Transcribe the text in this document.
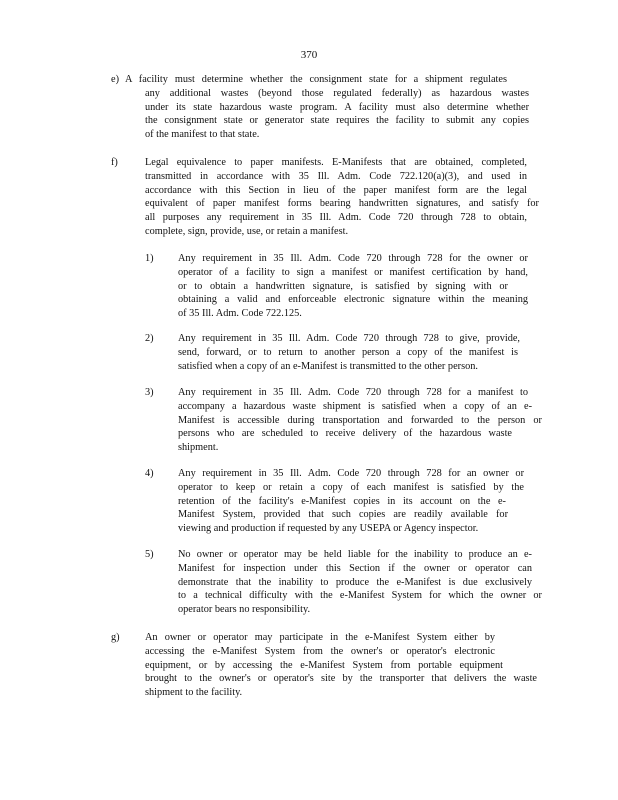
370
e) A facility must determine whether the consignment state for a shipment regulates
any additional wastes (beyond those regulated federally) as hazardous wastes
under its state hazardous waste program. A facility must also determine whether
the consignment state or generator state requires the facility to submit any copies
of the manifest to that state.
f)	Legal equivalence to paper manifests. E-Manifests that are obtained, completed,
transmitted in accordance with 35 Ill. Adm. Code 722.120(a)(3), and used in
accordance with this Section in lieu of the paper manifest form are the legal
equivalent of paper manifest forms bearing handwritten signatures, and satisfy for
all purposes any requirement in 35 Ill. Adm. Code 720 through 728 to obtain,
complete, sign, provide, use, or retain a manifest.
1) Any requirement in 35 Ill. Adm. Code 720 through 728 for the owner or
operator of a facility to sign a manifest or manifest certification by hand,
or to obtain a handwritten signature, is satisfied by signing with or
obtaining a valid and enforceable electronic signature within the meaning
of 35 Ill. Adm. Code 722.125.
2) Any requirement in 35 Ill. Adm. Code 720 through 728 to give, provide,
send, forward, or to return to another person a copy of the manifest is
satisfied when a copy of an e-Manifest is transmitted to the other person.
3) Any requirement in 35 Ill. Adm. Code 720 through 728 for a manifest to
accompany a hazardous waste shipment is satisfied when a copy of an e-
Manifest is accessible during transportation and forwarded to the person or
persons who are scheduled to receive delivery of the hazardous waste
shipment.
4) Any requirement in 35 Ill. Adm. Code 720 through 728 for an owner or
operator to keep or retain a copy of each manifest is satisfied by the
retention of the facility's e-Manifest copies in its account on the e-
Manifest System, provided that such copies are readily available for
viewing and production if requested by any USEPA or Agency inspector.
5) No owner or operator may be held liable for the inability to produce an e-
Manifest for inspection under this Section if the owner or operator can
demonstrate that the inability to produce the e-Manifest is due exclusively
to a technical difficulty with the e-Manifest System for which the owner or
operator bears no responsibility.
g) An owner or operator may participate in the e-Manifest System either by
accessing the e-Manifest System from the owner's or operator's electronic
equipment, or by accessing the e-Manifest System from portable equipment
brought to the owner's or operator's site by the transporter that delivers the waste
shipment to the facility.
